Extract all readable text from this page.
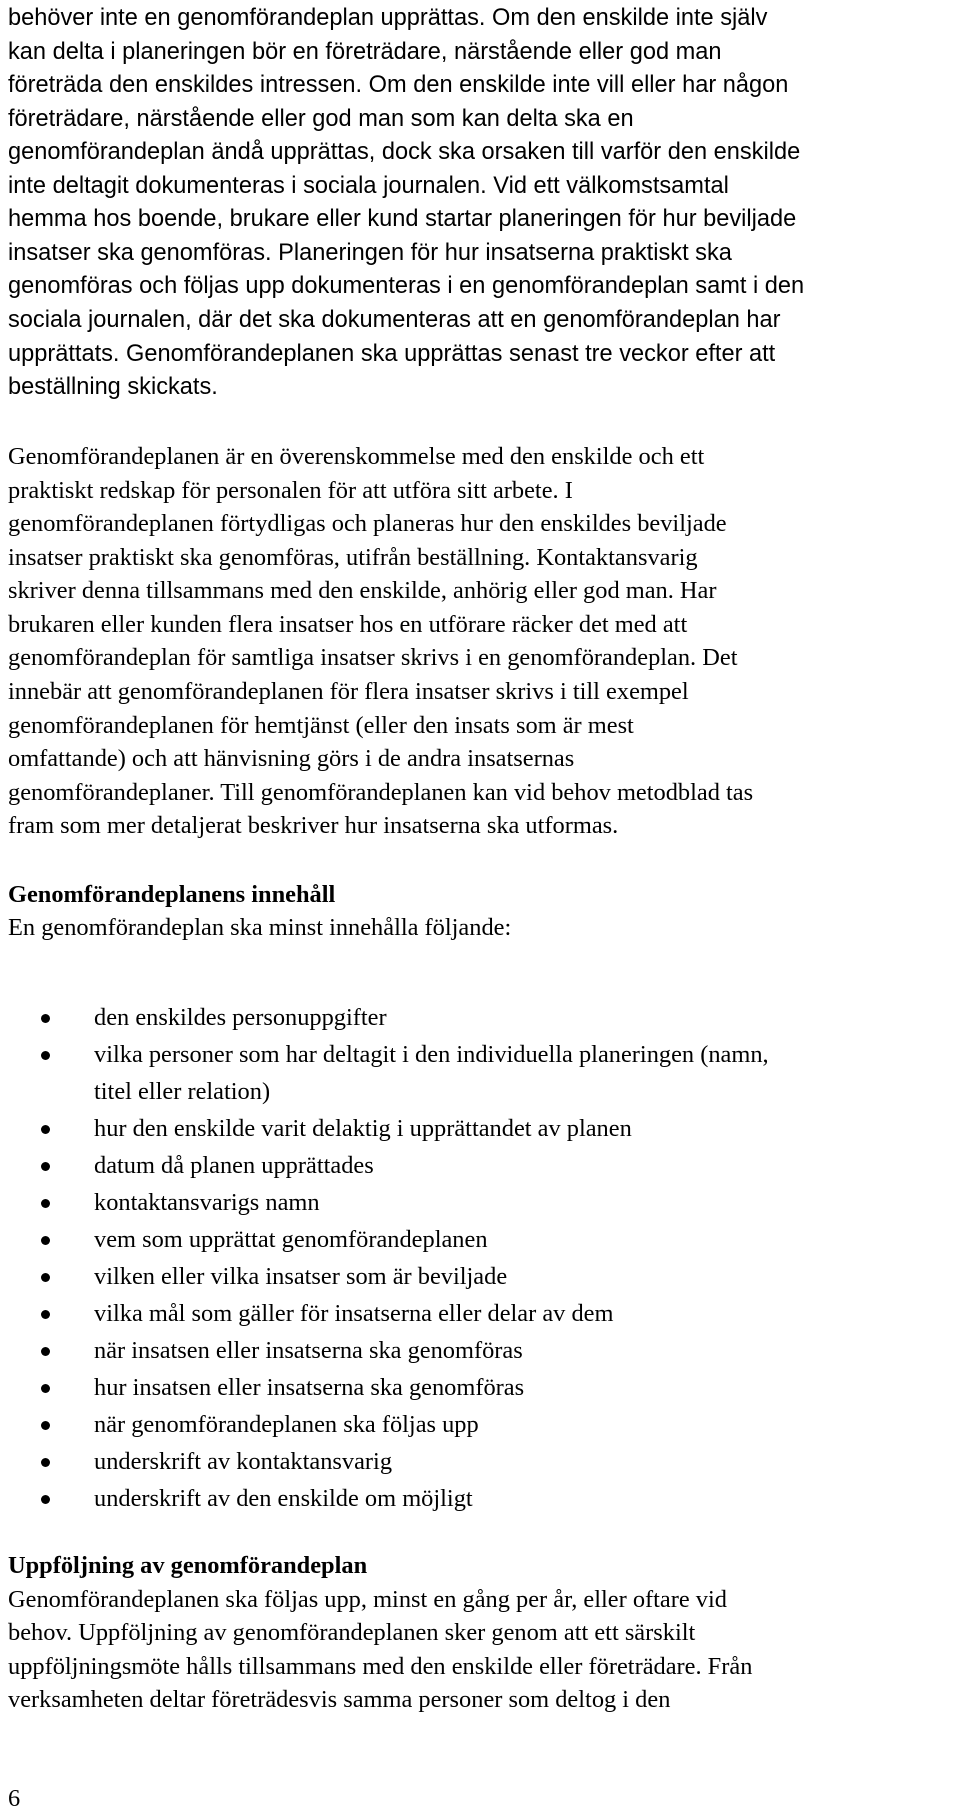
behöver inte en genomförandeplan upprättas. Om den enskilde inte själv
kan delta i planeringen bör en företrädare, närstående eller god man
företräda den enskildes intressen. Om den enskilde inte vill eller har någon
företrädare, närstående eller god man som kan delta ska en
genomförandeplan ändå upprättas, dock ska orsaken till varför den enskilde
inte deltagit dokumenteras i sociala journalen. Vid ett välkomstsamtal
hemma hos boende, brukare eller kund startar planeringen för hur beviljade
insatser ska genomföras. Planeringen för hur insatserna praktiskt ska
genomföras och följas upp dokumenteras i en genomförandeplan samt i den
sociala journalen, där det ska dokumenteras att en genomförandeplan har
upprättats. Genomförandeplanen ska upprättas senast tre veckor efter att
beställning skickats.
Genomförandeplanen är en överenskommelse med den enskilde och ett
praktiskt redskap för personalen för att utföra sitt arbete. I
genomförandeplanen förtydligas och planeras hur den enskildes beviljade
insatser praktiskt ska genomföras, utifrån beställning. Kontaktansvarig
skriver denna tillsammans med den enskilde, anhörig eller god man. Har
brukaren eller kunden flera insatser hos en utförare räcker det med att
genomförandeplan för samtliga insatser skrivs i en genomförandeplan. Det
innebär att genomförandeplanen för flera insatser skrivs i till exempel
genomförandeplanen för hemtjänst (eller den insats som är mest
omfattande) och att hänvisning görs i de andra insatsernas
genomförandeplaner. Till genomförandeplanen kan vid behov metodblad tas
fram som mer detaljerat beskriver hur insatserna ska utformas.
Genomförandeplanens innehåll
En genomförandeplan ska minst innehålla följande:
den enskildes personuppgifter
vilka personer som har deltagit i den individuella planeringen (namn,
titel eller relation)
hur den enskilde varit delaktig i upprättandet av planen
datum då planen upprättades
kontaktansvarigs namn
vem som upprättat genomförandeplanen
vilken eller vilka insatser som är beviljade
vilka mål som gäller för insatserna eller delar av dem
när insatsen eller insatserna ska genomföras
hur insatsen eller insatserna ska genomföras
när genomförandeplanen ska följas upp
underskrift av kontaktansvarig
underskrift av den enskilde om möjligt
Uppföljning av genomförandeplan
Genomförandeplanen ska följas upp, minst en gång per år, eller oftare vid
behov. Uppföljning av genomförandeplanen sker genom att ett särskilt
uppföljningsmöte hålls tillsammans med den enskilde eller företrädare. Från
verksamheten deltar företrädesvis samma personer som deltog i den
6
